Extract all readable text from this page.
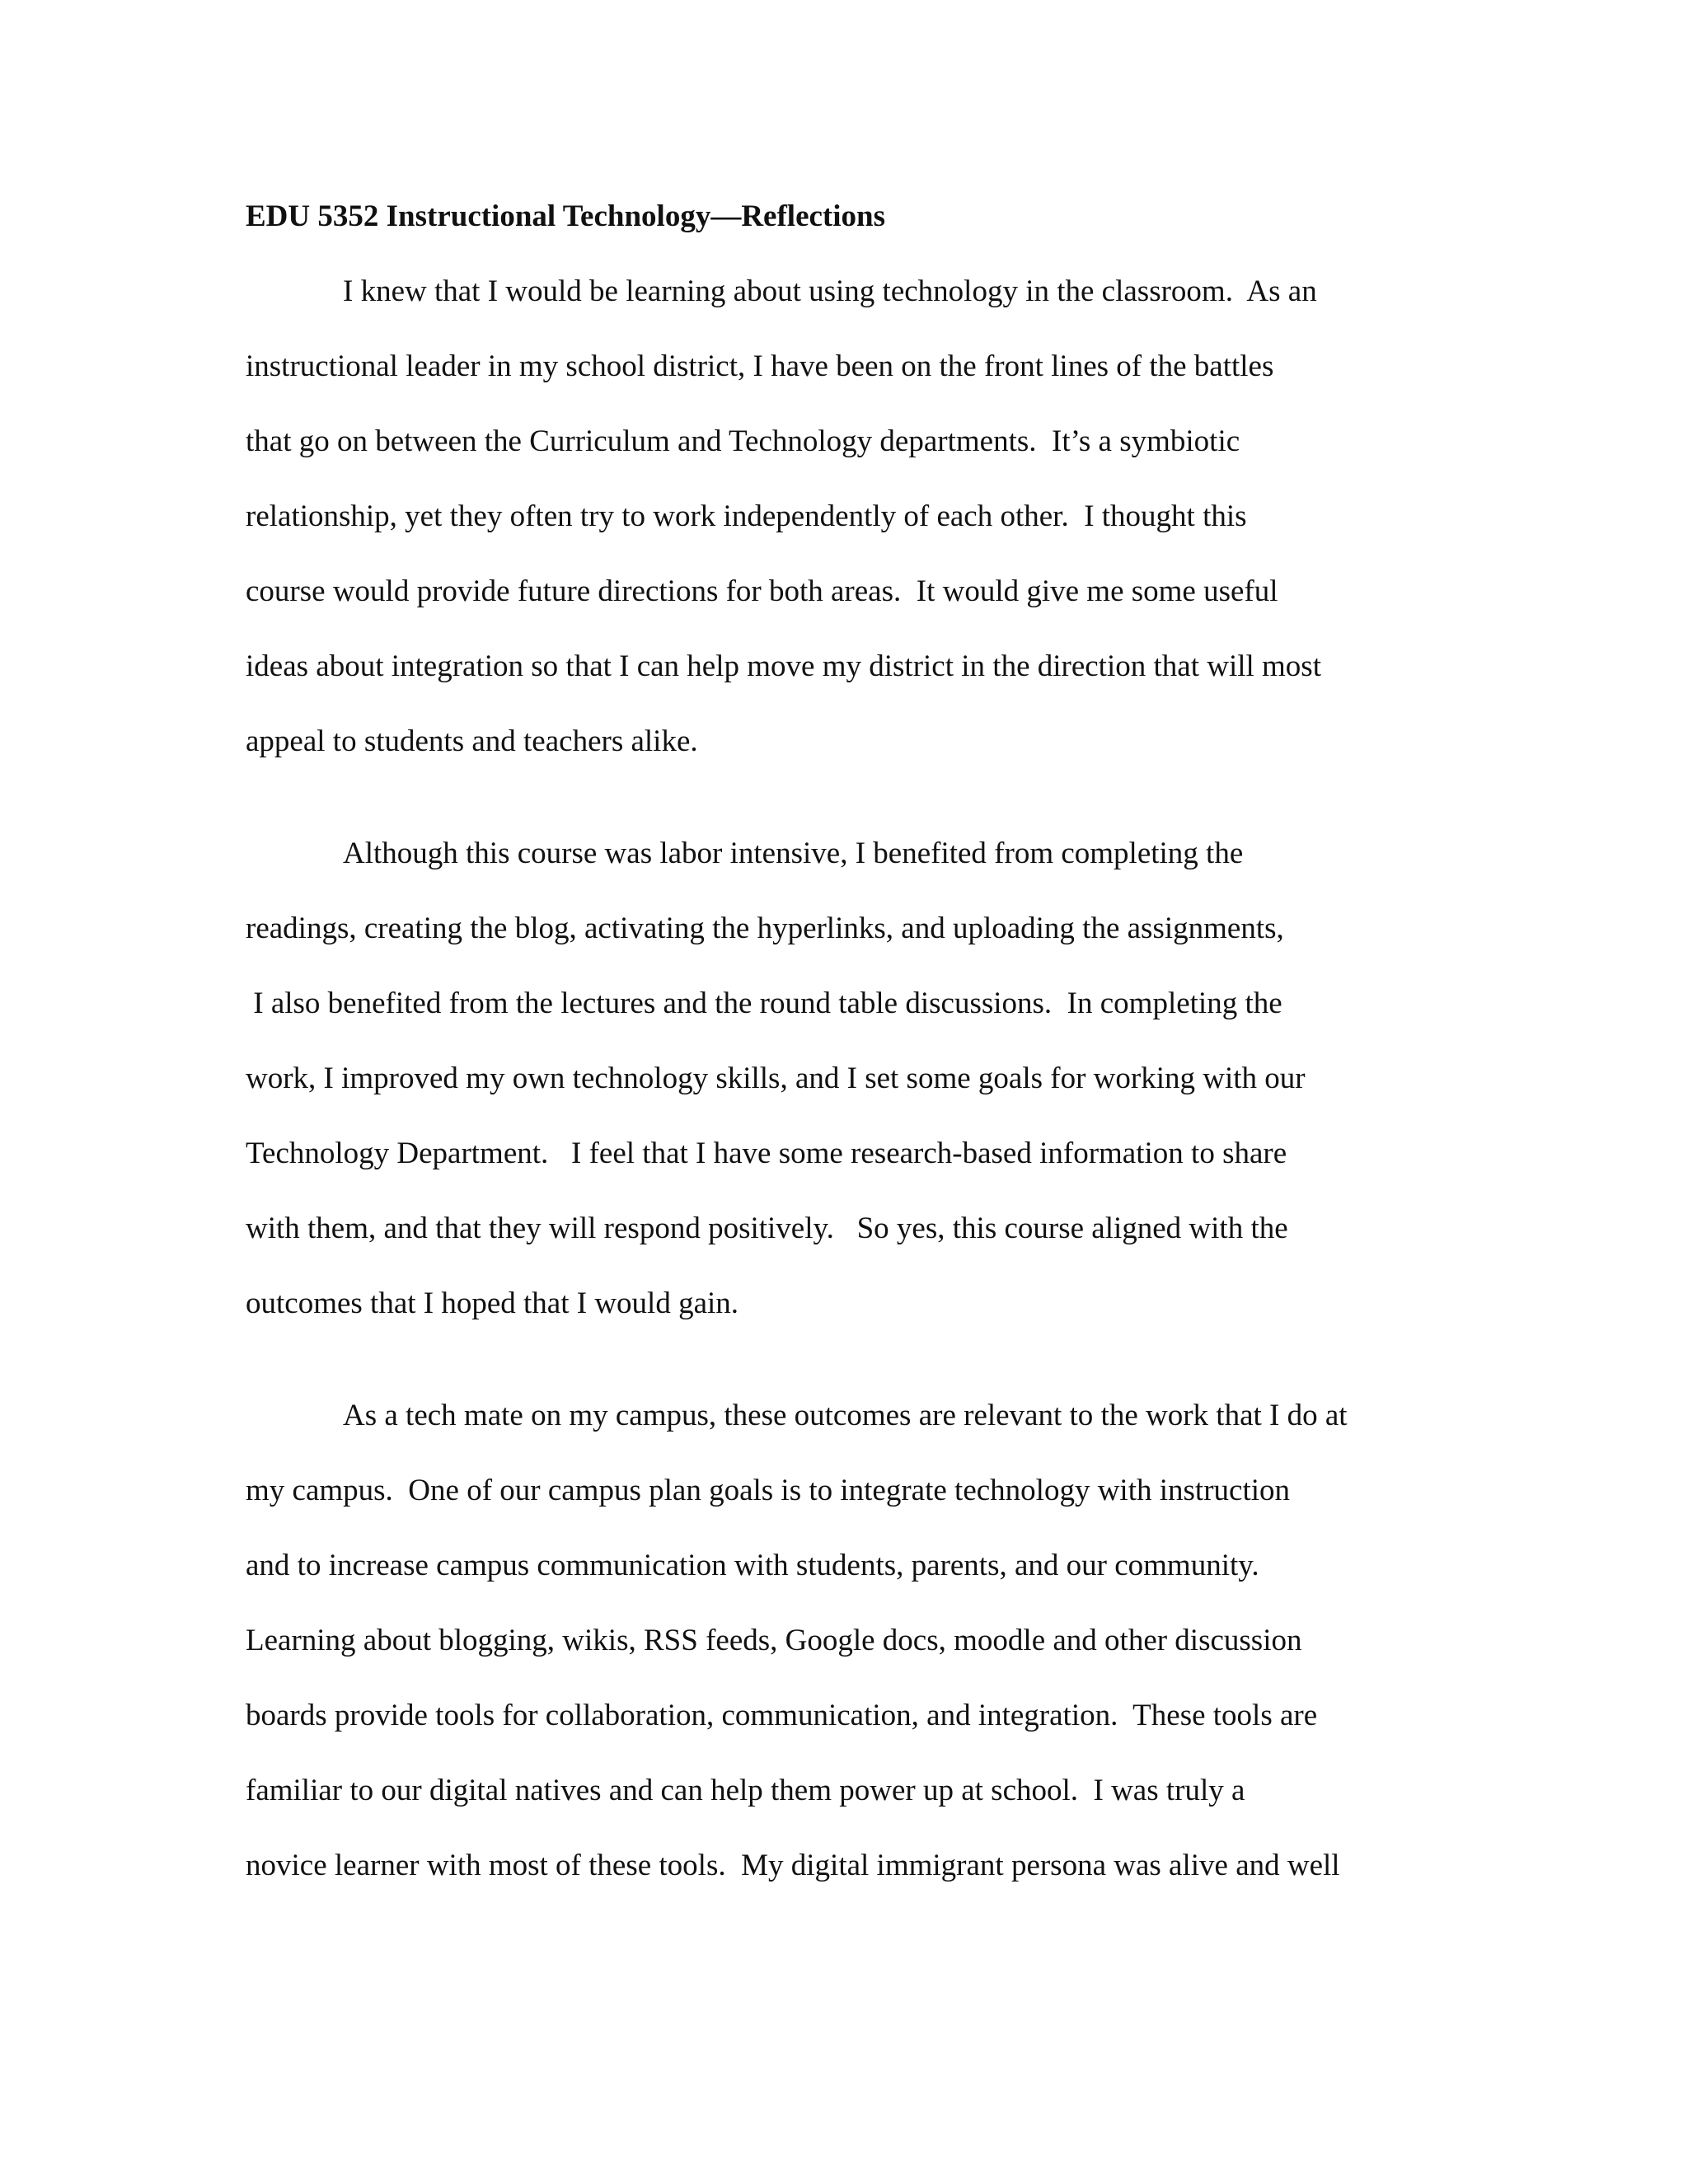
EDU 5352 Instructional Technology—Reflections

I knew that I would be learning about using technology in the classroom.  As an

instructional leader in my school district, I have been on the front lines of the battles

that go on between the Curriculum and Technology departments.  It’s a symbiotic

relationship, yet they often try to work independently of each other.  I thought this

course would provide future directions for both areas.  It would give me some useful

ideas about integration so that I can help move my district in the direction that will most

appeal to students and teachers alike.

Although this course was labor intensive, I benefited from completing the

readings, creating the blog, activating the hyperlinks, and uploading the assignments,

I also benefited from the lectures and the round table discussions.  In completing the

work, I improved my own technology skills, and I set some goals for working with our

Technology Department.   I feel that I have some research-based information to share

with them, and that they will respond positively.   So yes, this course aligned with the

outcomes that I hoped that I would gain.

As a tech mate on my campus, these outcomes are relevant to the work that I do at

my campus.  One of our campus plan goals is to integrate technology with instruction

and to increase campus communication with students, parents, and our community.

Learning about blogging, wikis, RSS feeds, Google docs, moodle and other discussion

boards provide tools for collaboration, communication, and integration.  These tools are

familiar to our digital natives and can help them power up at school.  I was truly a

novice learner with most of these tools.  My digital immigrant persona was alive and well
